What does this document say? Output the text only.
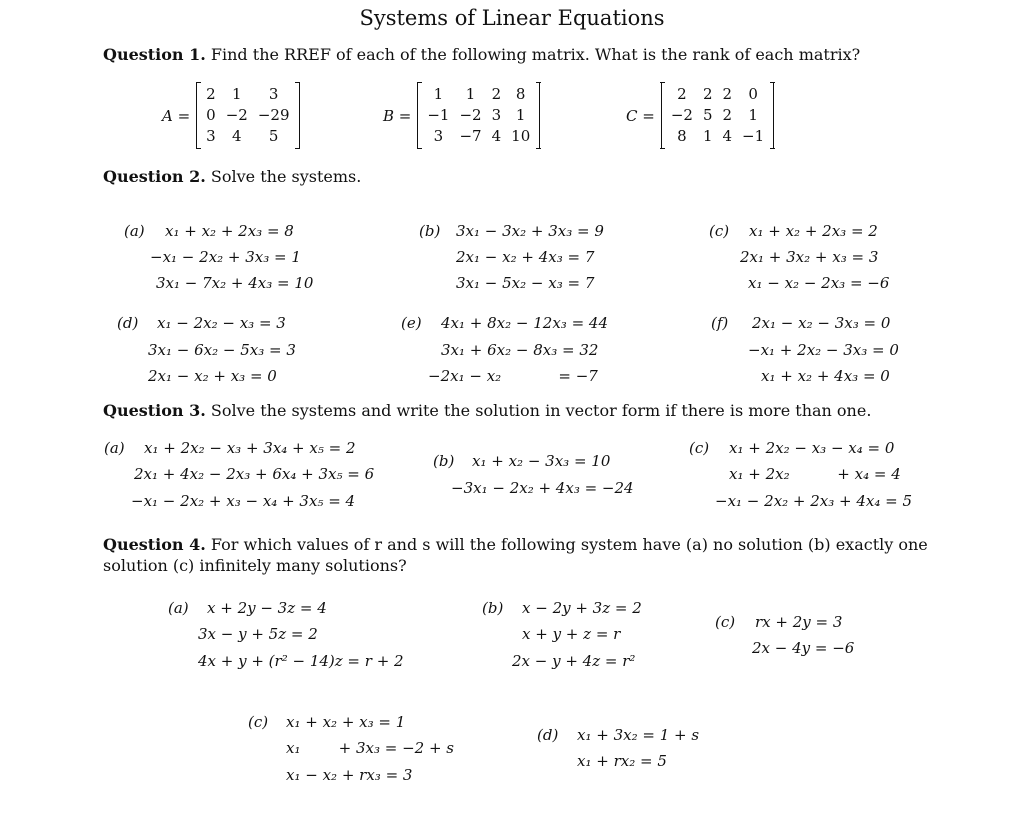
Systems of Linear Equations
Question 1. Find the RREF of each of the following matrix. What is the rank of each matrix?
A =
2	1	3
0	−2	−29
3	4	5
B =
1	1	2	8
−1	−2	3	1
3	−7	4	10
C =
2	2	2	0
−2	5	2	1
8	1	4	−1
Question 2. Solve the systems.
(a) x₁ + x₂ + 2x₃ = 8
−x₁ − 2x₂ + 3x₃ = 1
3x₁ − 7x₂ + 4x₃ = 10
(b) 3x₁ − 3x₂ + 3x₃ = 9
2x₁ − x₂ + 4x₃ = 7
3x₁ − 5x₂ − x₃ = 7
(c) x₁ + x₂ + 2x₃ = 2
2x₁ + 3x₂ + x₃ = 3
x₁ − x₂ − 2x₃ = −6
(d) x₁ − 2x₂ − x₃ = 3
3x₁ − 6x₂ − 5x₃ = 3
2x₁ − x₂ + x₃ = 0
(e) 4x₁ + 8x₂ − 12x₃ = 44
3x₁ + 6x₂ − 8x₃ = 32
−2x₁ − x₂            = −7
(f) 2x₁ − x₂ − 3x₃ = 0
−x₁ + 2x₂ − 3x₃ = 0
x₁ + x₂ + 4x₃ = 0
Question 3. Solve the systems and write the solution in vector form if there is more than one.
(a) x₁ + 2x₂ − x₃ + 3x₄ + x₅ = 2
2x₁ + 4x₂ − 2x₃ + 6x₄ + 3x₅ = 6
−x₁ − 2x₂ + x₃ − x₄ + 3x₅ = 4
(b) x₁ + x₂ − 3x₃ = 10
−3x₁ − 2x₂ + 4x₃ = −24
(c) x₁ + 2x₂ − x₃ − x₄ = 0
x₁ + 2x₂          + x₄ = 4
−x₁ − 2x₂ + 2x₃ + 4x₄ = 5
Question 4. For which values of r and s will the following system have (a) no solution (b) exactly one
solution (c) infinitely many solutions?
(a) x + 2y − 3z = 4
3x − y + 5z = 2
4x + y + (r² − 14)z = r + 2
(b) x − 2y + 3z = 2
x + y + z = r
2x − y + 4z = r²
(c) rx + 2y = 3
2x − 4y = −6
(c) x₁ + x₂ + x₃ = 1
x₁        + 3x₃ = −2 + s
x₁ − x₂ + rx₃ = 3
(d) x₁ + 3x₂ = 1 + s
x₁ + rx₂ = 5
